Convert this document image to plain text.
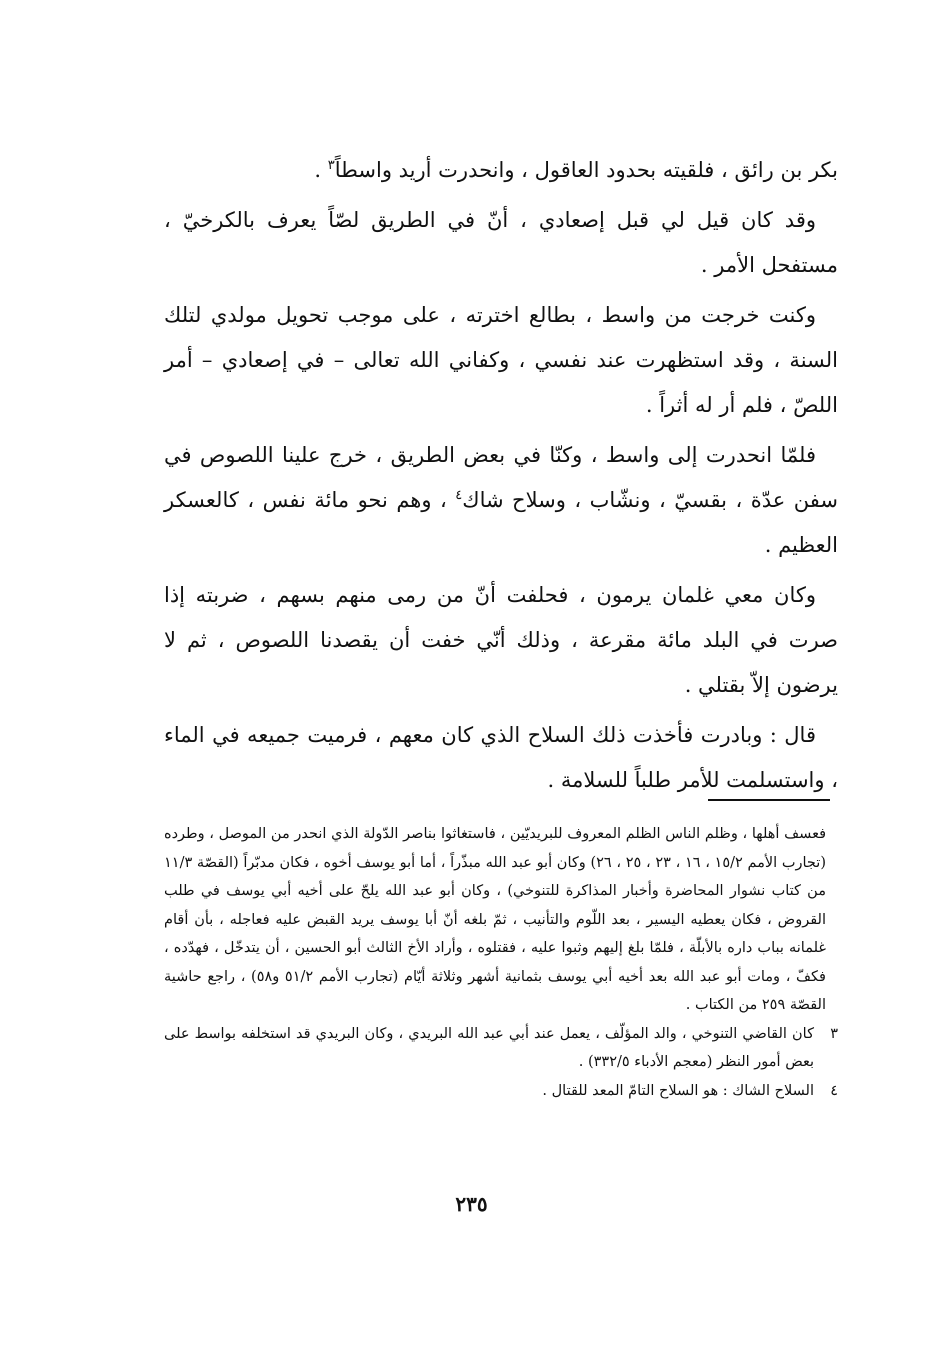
بكر بن رائق ، فلقيته بحدود العاقول ، وانحدرت أريد واسطاً$^٣$ .

وقد كان قيل لي قبل إصعادي ، أنّ في الطريق لصّاً يعرف بالكرخيّ ، مستفحل الأمر .

وكنت خرجت من واسط ، بطالع اخترته ، على موجب تحويل مولدي لتلك السنة ، وقد استظهرت عند نفسي ، وكفاني الله تعالى – في إصعادي – أمر اللصّ ، فلم أر له أثراً .

فلمّا انحدرت إلى واسط ، وكنّا في بعض الطريق ، خرج علينا اللصوص في سفن عدّة ، بقسيّ ، ونشّاب ، وسلاح شاك$^٤$ ، وهم نحو مائة نفس ، كالعسكر العظيم .

وكان معي غلمان يرمون ، فحلفت أنّ من رمى منهم بسهم ، ضربته إذا صرت في البلد مائة مقرعة ، وذلك أنّي خفت أن يقصدنا اللصوص ، ثم لا يرضون إلاّ بقتلي .

قال : وبادرت فأخذت ذلك السلاح الذي كان معهم ، فرميت جميعه في الماء ، واستسلمت للأمر طلباً للسلامة .

فعسف أهلها ، وظلم الناس الظلم المعروف للبريديّين ، فاستغاثوا بناصر الدّولة الذي انحدر من الموصل ، وطرده (تجارب الأمم ١٥/٢ ، ١٦ ، ٢٣ ، ٢٥ ، ٢٦) وكان أبو عبد الله مبذّراً ، أما أبو يوسف أخوه ، فكان مدبّراً (القصّة ١١/٣ من كتاب نشوار المحاضرة وأخبار المذاكرة للتنوخي) ، وكان أبو عبد الله يلحّ على أخيه أبي يوسف في طلب القروض ، فكان يعطيه اليسير ، بعد اللّوم والتأنيب ، ثمّ بلغه أنّ أبا يوسف يريد القبض عليه فعاجله ، بأن أقام غلمانه بباب داره بالأبلّة ، فلمّا بلغ إليهم وثبوا عليه ، فقتلوه ، وأراد الأخ الثالث أبو الحسين ، أن يتدخّل ، فهدّده ، فكفّ ، ومات أبو عبد الله بعد أخيه أبي يوسف بثمانية أشهر وثلاثة أيّام (تجارب الأمم ٥١/٢ و٥٨) ، راجع حاشية القصّة ٢٥٩ من الكتاب .

٣
كان القاضي التنوخي ، والد المؤلّف ، يعمل عند أبي عبد الله البريدي ، وكان البريدي قد استخلفه بواسط على بعض أمور النظر (معجم الأدباء ٣٣٢/٥) .
٤
السلاح الشاك : هو السلاح التامّ المعد للقتال .
٢٣٥
